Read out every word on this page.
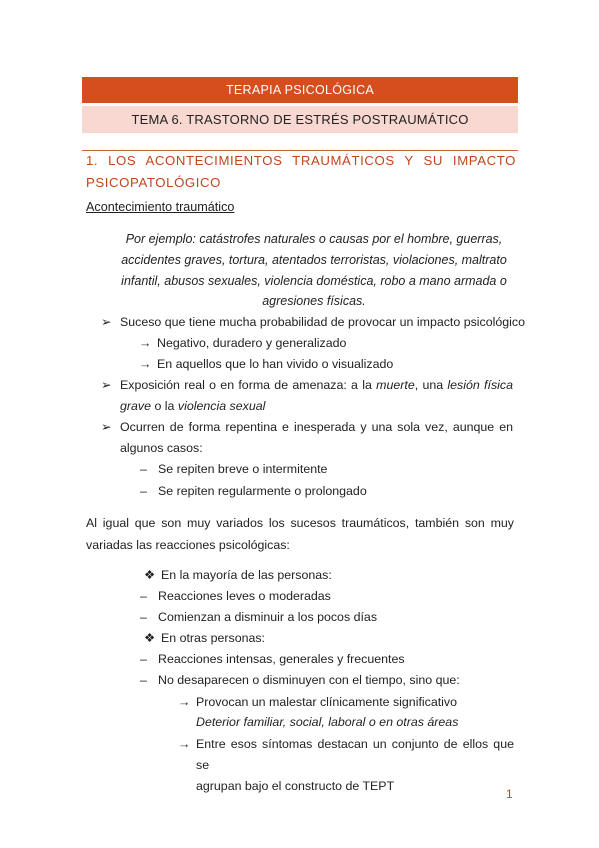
TERAPIA PSICOLÓGICA
TEMA 6. TRASTORNO DE ESTRÉS POSTRAUMÁTICO
1. LOS ACONTECIMIENTOS TRAUMÁTICOS Y SU IMPACTO
PSICOPATOLÓGICO
Acontecimiento traumático
Por ejemplo: catástrofes naturales o causas por el hombre, guerras, accidentes graves, tortura, atentados terroristas, violaciones, maltrato infantil, abusos sexuales, violencia doméstica, robo a mano armada o agresiones físicas.
➢ Suceso que tiene mucha probabilidad de provocar un impacto psicológico
→ Negativo, duradero y generalizado
→ En aquellos que lo han vivido o visualizado
➢ Exposición real o en forma de amenaza: a la muerte, una lesión física
grave o la violencia sexual
➢ Ocurren de forma repentina e inesperada y una sola vez, aunque en
algunos casos:
– Se repiten breve o intermitente
– Se repiten regularmente o prolongado
Al igual que son muy variados los sucesos traumáticos, también son muy
variadas las reacciones psicológicas:
❖ En la mayoría de las personas:
– Reacciones leves o moderadas
– Comienzan a disminuir a los pocos días
❖ En otras personas:
– Reacciones intensas, generales y frecuentes
– No desaparecen o disminuyen con el tiempo, sino que:
→ Provocan un malestar clínicamente significativo
Deterior familiar, social, laboral o en otras áreas
→ Entre esos síntomas destacan un conjunto de ellos que se
agrupan bajo el constructo de TEPT
1
